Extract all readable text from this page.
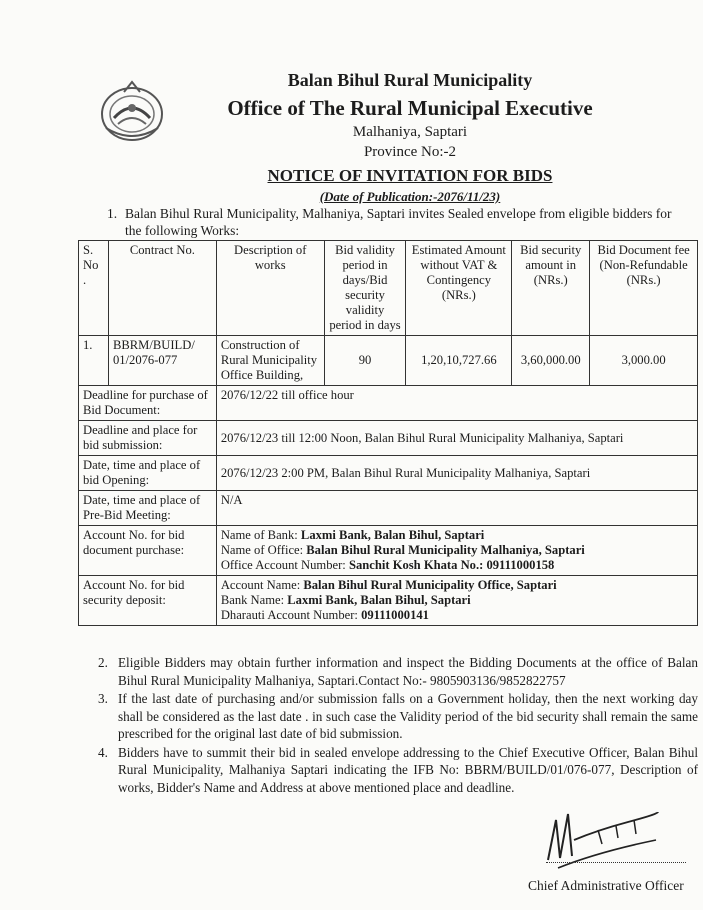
Balan Bihul Rural Municipality
Office of The Rural Municipal Executive
Malhaniya, Saptari
Province No:-2
NOTICE OF INVITATION FOR BIDS
(Date of Publication:-2076/11/23)
1. Balan Bihul Rural Municipality, Malhaniya, Saptari invites Sealed envelope from eligible bidders for
the following Works:
S. No .	Contract No.	Description of works	Bid validity period in days/Bid security validity period in days	Estimated Amount without VAT & Contingency (NRs.)	Bid security amount in (NRs.)	Bid Document fee (Non-Refundable (NRs.)
1.	BBRM/BUILD/ 01/2076-077	Construction of Rural Municipality Office Building,	90	1,20,10,727.66	3,60,000.00	3,000.00
Deadline for purchase of Bid Document:		2076/12/22 till office hour				
Deadline and place for bid submission:		2076/12/23 till 12:00 Noon, Balan Bihul Rural Municipality Malhaniya, Saptari				
Date, time and place of bid Opening:		2076/12/23 2:00 PM, Balan Bihul Rural Municipality Malhaniya, Saptari				
Date, time and place of Pre-Bid Meeting:		N/A				
Account No. for bid document purchase:		Name of Bank: Laxmi Bank, Balan Bihul, Saptari
Name of Office: Balan Bihul Rural Municipality Malhaniya, Saptari
Office Account Number: Sanchit Kosh Khata No.: 09111000158				
Account No. for bid security deposit:		Account Name: Balan Bihul Rural Municipality Office, Saptari
Bank Name: Laxmi Bank, Balan Bihul, Saptari
Dharauti Account Number: 09111000141				
2. Eligible Bidders may obtain further information and inspect the Bidding Documents at the office of Balan Bihul Rural Municipality Malhaniya, Saptari.Contact No:- 9805903136/9852822757
3. If the last date of purchasing and/or submission falls on a Government holiday, then the next working day shall be considered as the last date . in such case the Validity period of the bid security shall remain the same prescribed for the original last date of bid submission.
4. Bidders have to summit their bid in sealed envelope addressing to the Chief Executive Officer, Balan Bihul Rural Municipality, Malhaniya Saptari indicating the IFB No: BBRM/BUILD/01/076-077, Description of works, Bidder's Name and Address at above mentioned place and deadline.
Chief Administrative Officer
